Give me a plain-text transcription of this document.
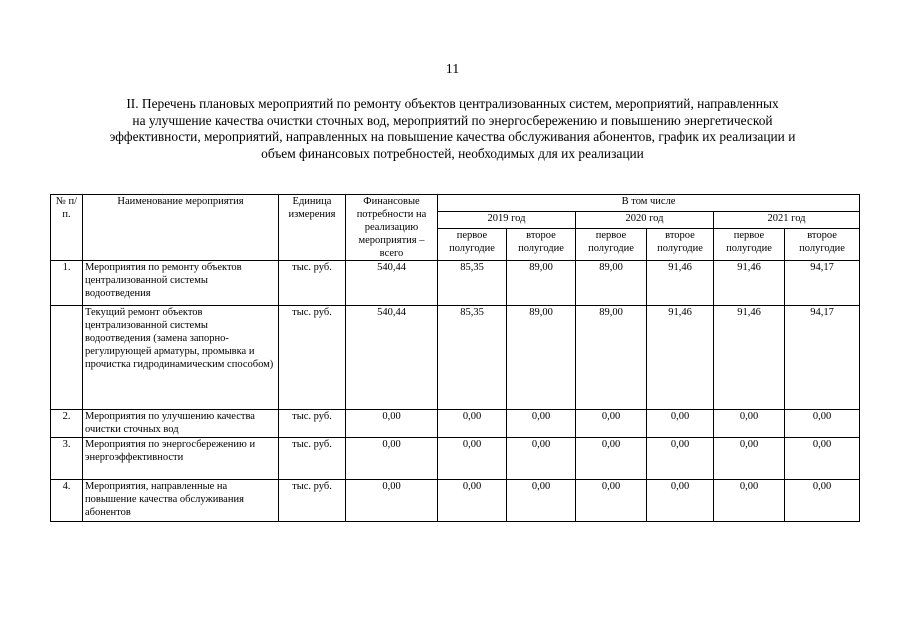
11
II. Перечень плановых мероприятий по ремонту объектов централизованных систем, мероприятий, направленных
на улучшение качества очистки сточных вод, мероприятий по энергосбережению и повышению энергетической
эффективности, мероприятий, направленных на повышение качества обслуживания абонентов, график их реализации и
объем финансовых потребностей, необходимых для их реализации
№ п/п.	Наименование мероприятия	Единица измерения	Финансовые потребности на реализацию мероприятия – всего	В том числе					
				2019 год		2020 год		2021 год	
				первое полугодие	второе полугодие	первое полугодие	второе полугодие	первое полугодие	второе полугодие
1.	Мероприятия по ремонту объектов централизованной системы водоотведения	тыс. руб.	540,44	85,35	89,00	89,00	91,46	91,46	94,17
	Текущий ремонт объектов централизованной системы водоотведения (замена запорно-регулирующей арматуры, промывка и прочистка гидродинамическим способом)	тыс. руб.	540,44	85,35	89,00	89,00	91,46	91,46	94,17
2.	Мероприятия по улучшению качества очистки сточных вод	тыс. руб.	0,00	0,00	0,00	0,00	0,00	0,00	0,00
3.	Мероприятия по энергосбережению и энергоэффективности	тыс. руб.	0,00	0,00	0,00	0,00	0,00	0,00	0,00
4.	Мероприятия, направленные на повышение качества обслуживания абонентов	тыс. руб.	0,00	0,00	0,00	0,00	0,00	0,00	0,00
